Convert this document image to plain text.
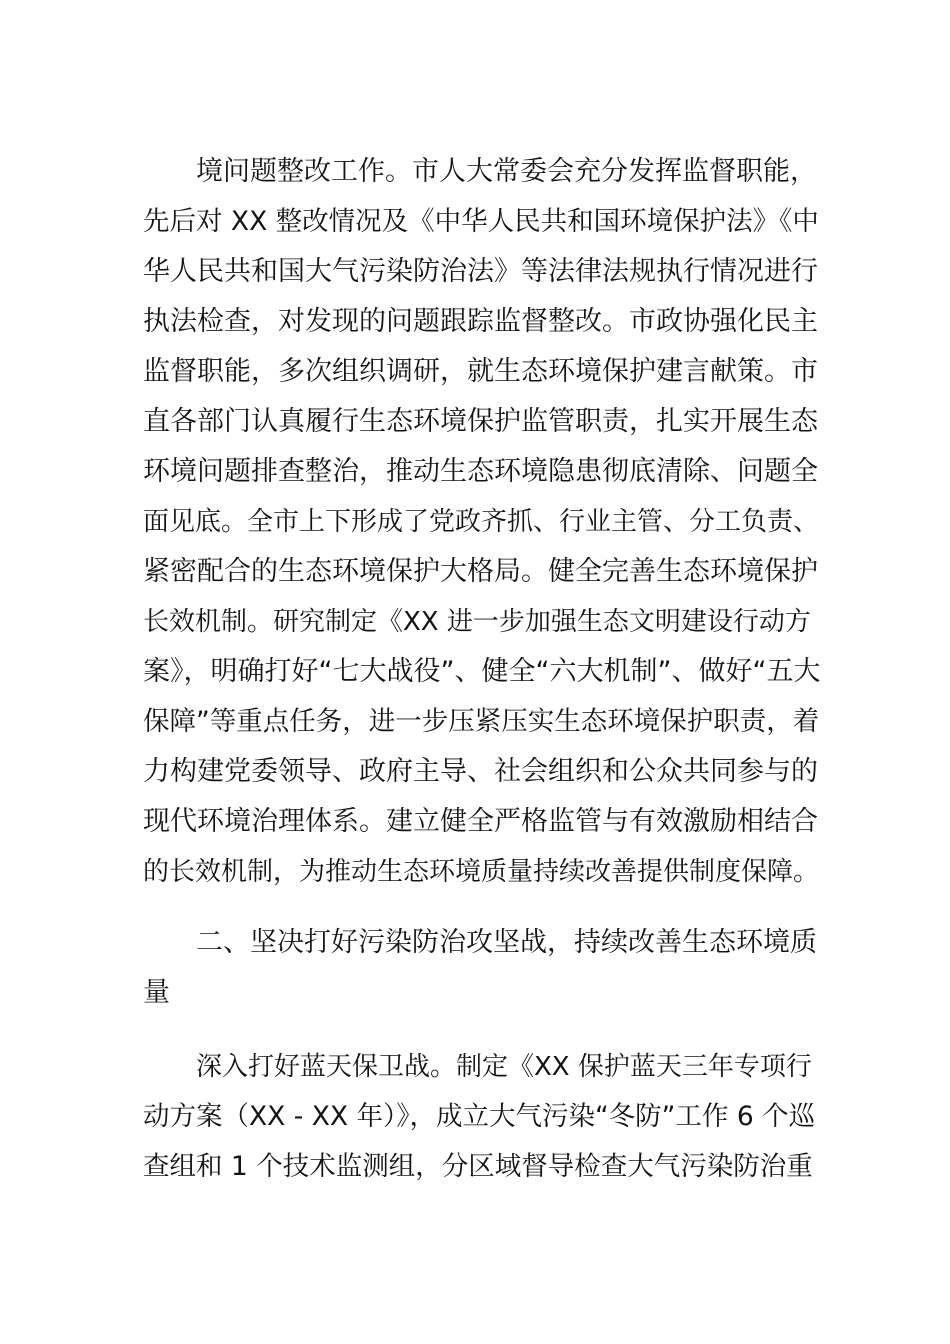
境问题整改工作。市人大常委会充分发挥监督职能，

先后对 XX 整改情况及《中华人民共和国环境保护法》《中

华人民共和国大气污染防治法》等法律法规执行情况进行

执法检查，对发现的问题跟踪监督整改。市政协强化民主

监督职能，多次组织调研，就生态环境保护建言献策。市

直各部门认真履行生态环境保护监管职责，扎实开展生态

环境问题排查整治，推动生态环境隐患彻底清除、问题全

面见底。全市上下形成了党政齐抓、行业主管、分工负责、

紧密配合的生态环境保护大格局。健全完善生态环境保护

长效机制。研究制定《XX 进一步加强生态文明建设行动方

案》，明确打好“七大战役”、健全“六大机制”、做好“五大

保障”等重点任务，进一步压紧压实生态环境保护职责，着

力构建党委领导、政府主导、社会组织和公众共同参与的

现代环境治理体系。建立健全严格监管与有效激励相结合

的长效机制，为推动生态环境质量持续改善提供制度保障。

二、坚决打好污染防治攻坚战，持续改善生态环境质

量

深入打好蓝天保卫战。制定《XX 保护蓝天三年专项行

动方案（XX - XX 年）》，成立大气污染“冬防”工作 6 个巡

查组和 1 个技术监测组，分区域督导检查大气污染防治重
